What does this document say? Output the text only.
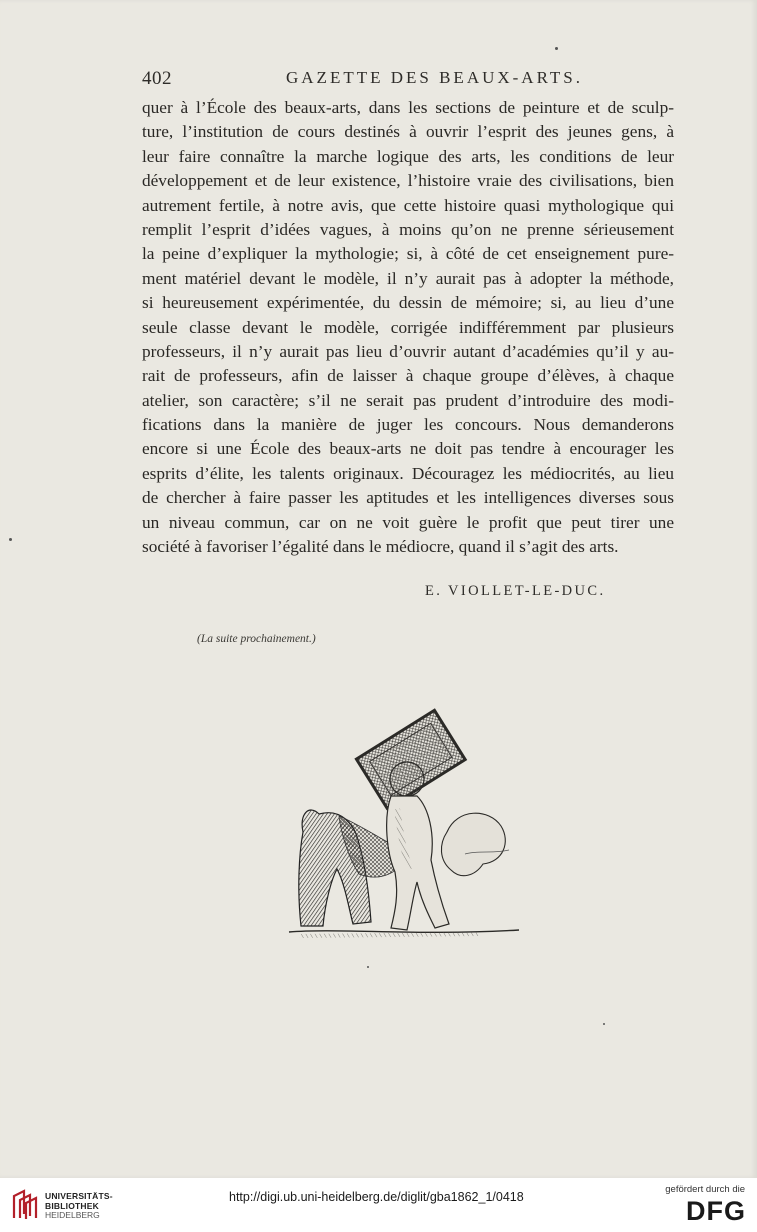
402	GAZETTE DES BEAUX-ARTS.
quer à l’École des beaux-arts, dans les sections de peinture et de sculp-
ture, l’institution de cours destinés à ouvrir l’esprit des jeunes gens, à
leur faire connaître la marche logique des arts, les conditions de leur
développement et de leur existence, l’histoire vraie des civilisations, bien
autrement fertile, à notre avis, que cette histoire quasi mythologique qui
remplit l’esprit d’idées vagues, à moins qu’on ne prenne sérieusement
la peine d’expliquer la mythologie; si, à côté de cet enseignement pure-
ment matériel devant le modèle, il n’y aurait pas à adopter la méthode,
si heureusement expérimentée, du dessin de mémoire; si, au lieu d’une
seule classe devant le modèle, corrigée indifféremment par plusieurs
professeurs, il n’y aurait pas lieu d’ouvrir autant d’académies qu’il y au-
rait de professeurs, afin de laisser à chaque groupe d’élèves, à chaque
atelier, son caractère; s’il ne serait pas prudent d’introduire des modi-
fications dans la manière de juger les concours. Nous demanderons
encore si une École des beaux-arts ne doit pas tendre à encourager les
esprits d’élite, les talents originaux. Découragez les médiocrités, au lieu
de chercher à faire passer les aptitudes et les intelligences diverses sous
un niveau commun, car on ne voit guère le profit que peut tirer une
société à favoriser l’égalité dans le médiocre, quand il s’agit des arts.
E. VIOLLET-LE-DUC.
(La suite prochainement.)
UNIVERSITÄTS-
BIBLIOTHEK
HEIDELBERG
http://digi.ub.uni-heidelberg.de/diglit/gba1862_1/0418
gefördert durch die
DFG
